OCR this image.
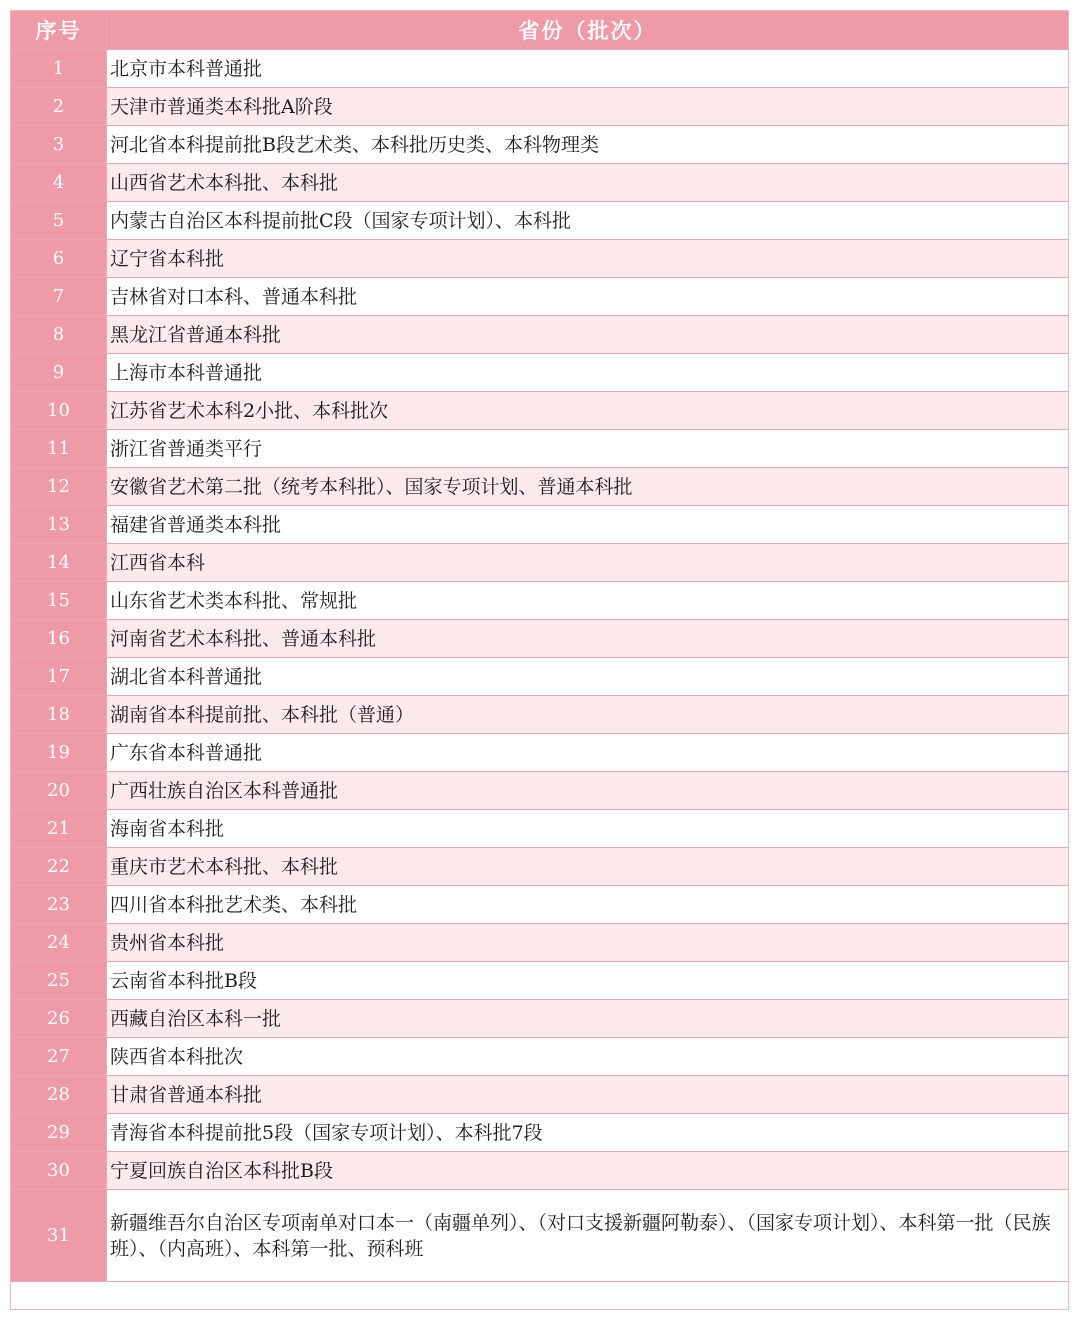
序号	省份（批次）
1	北京市本科普通批
2	天津市普通类本科批A阶段
3	河北省本科提前批B段艺术类、本科批历史类、本科物理类
4	山西省艺术本科批、本科批
5	内蒙古自治区本科提前批C段（国家专项计划）、本科批
6	辽宁省本科批
7	吉林省对口本科、普通本科批
8	黑龙江省普通本科批
9	上海市本科普通批
10	江苏省艺术本科2小批、本科批次
11	浙江省普通类平行
12	安徽省艺术第二批（统考本科批）、国家专项计划、普通本科批
13	福建省普通类本科批
14	江西省本科
15	山东省艺术类本科批、常规批
16	河南省艺术本科批、普通本科批
17	湖北省本科普通批
18	湖南省本科提前批、本科批（普通）
19	广东省本科普通批
20	广西壮族自治区本科普通批
21	海南省本科批
22	重庆市艺术本科批、本科批
23	四川省本科批艺术类、本科批
24	贵州省本科批
25	云南省本科批B段
26	西藏自治区本科一批
27	陕西省本科批次
28	甘肃省普通本科批
29	青海省本科提前批5段（国家专项计划）、本科批7段
30	宁夏回族自治区本科批B段
31	新疆维吾尔自治区专项南单对口本一（南疆单列）、（对口支援新疆阿勒泰）、（国家专项计划）、本科第一批（民族班）、（内高班）、本科第一批、预科班
